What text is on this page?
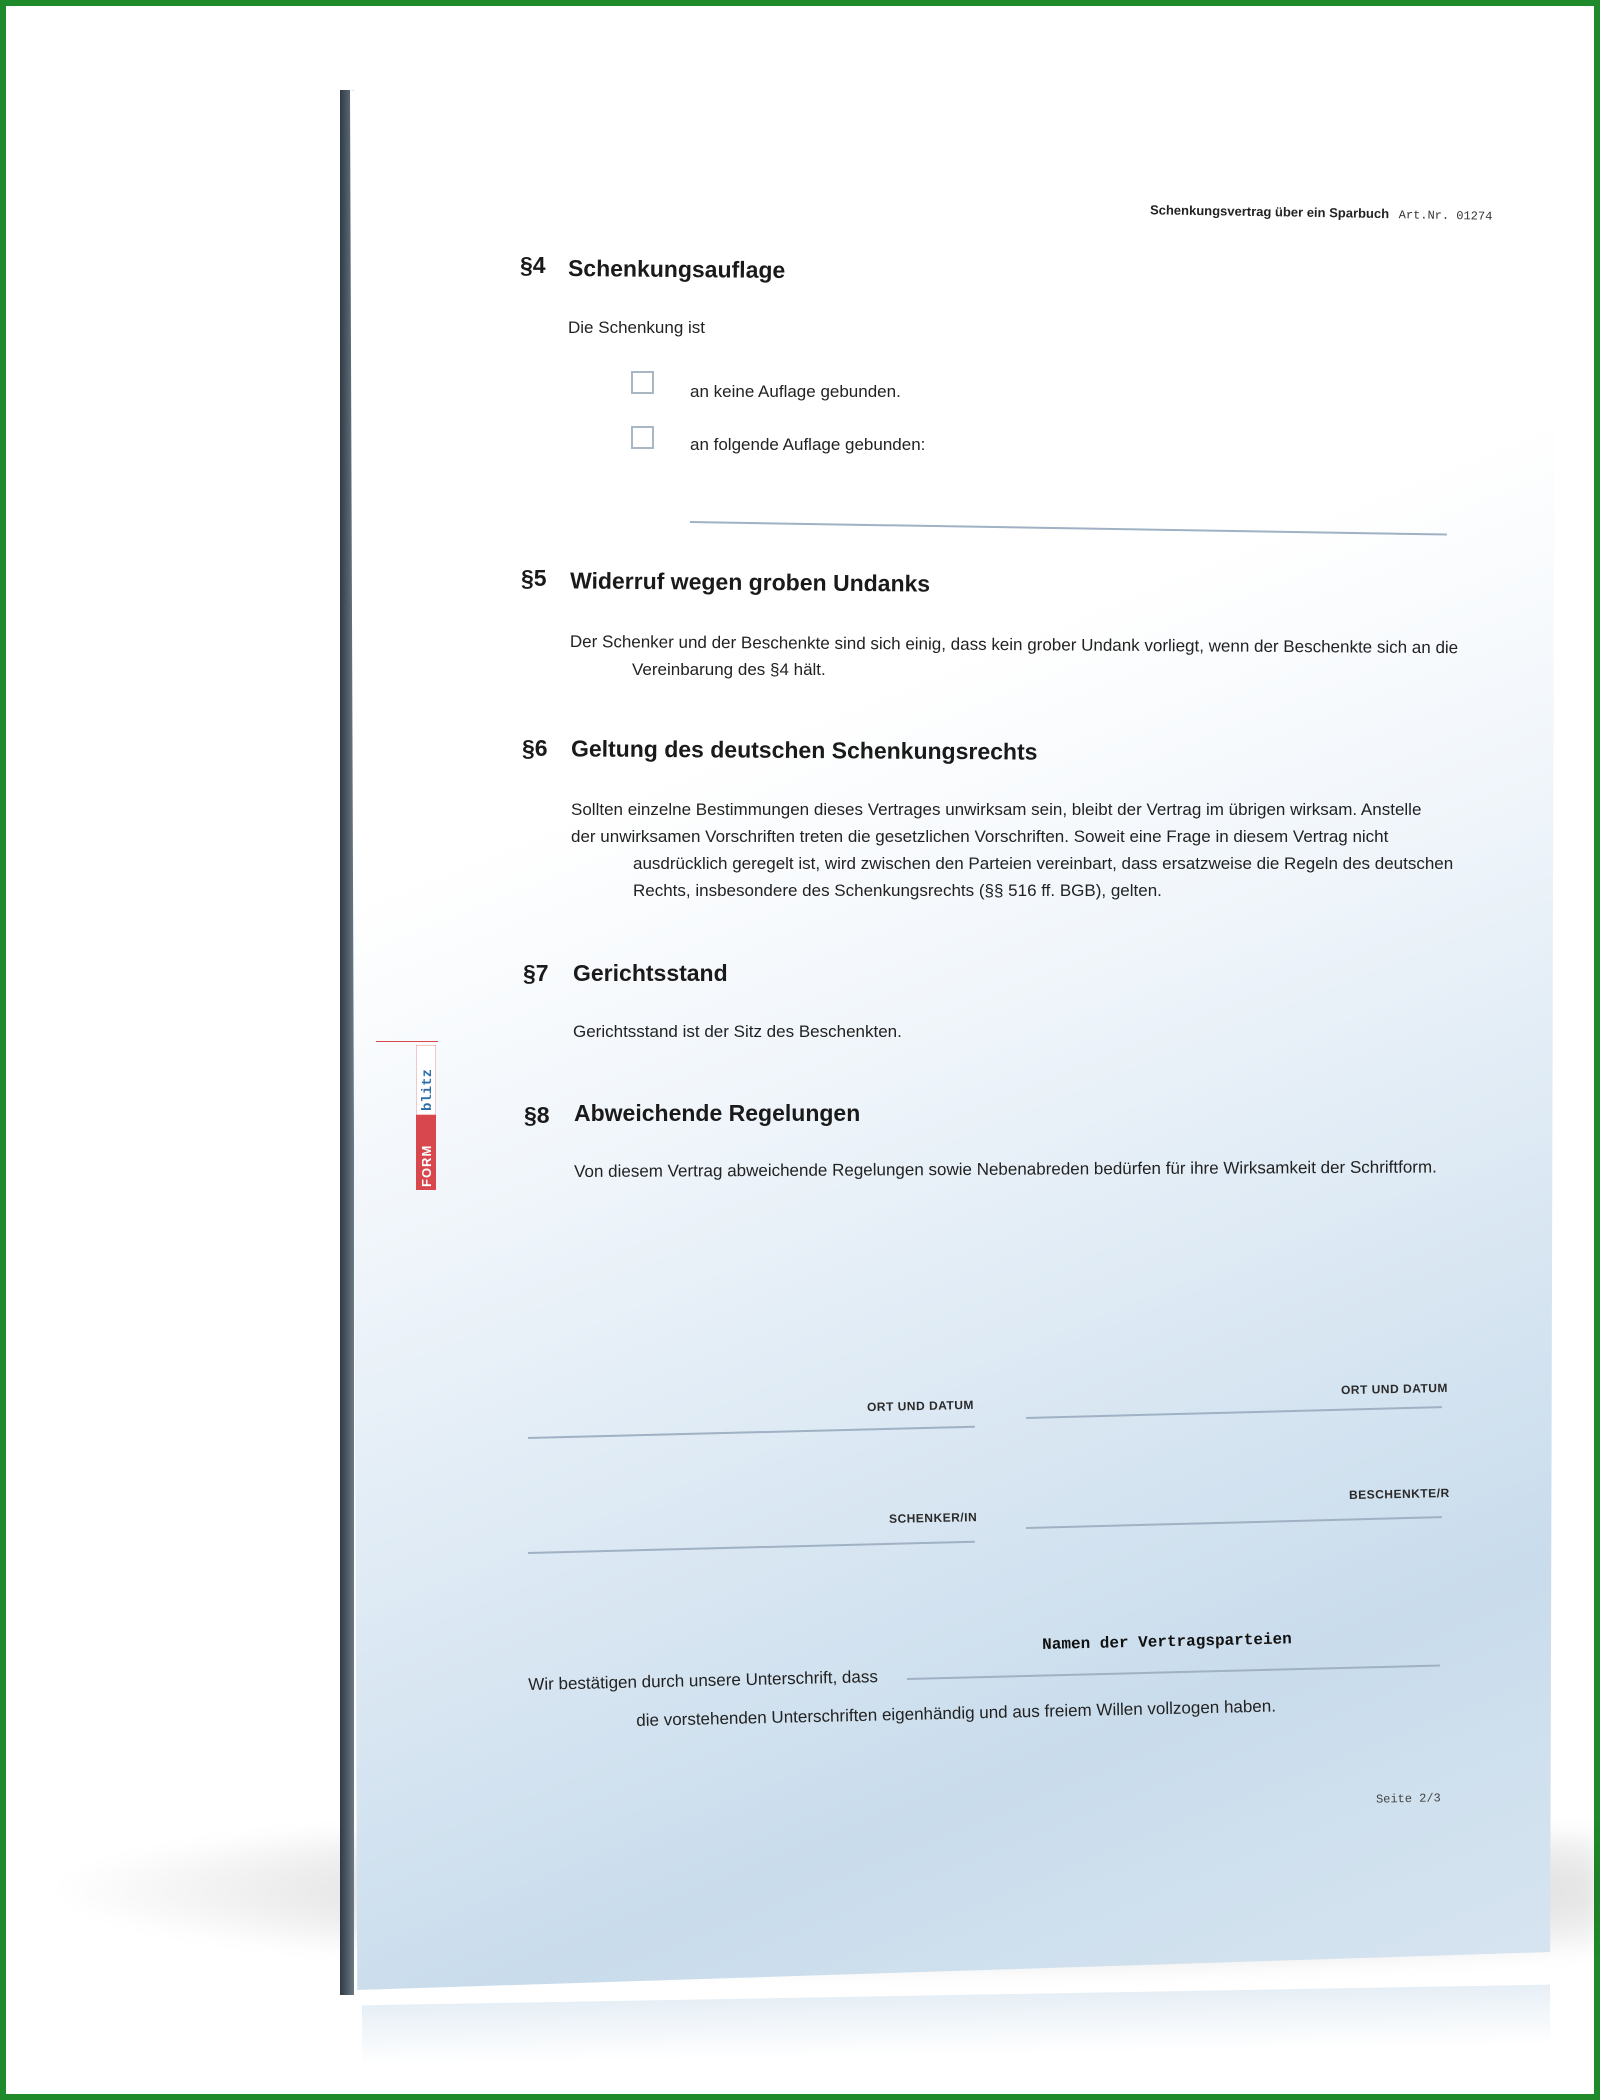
Schenkungsvertrag über ein Sparbuch Art.Nr. 01274
§4 Schenkungsauflage
Die Schenkung ist
an keine Auflage gebunden.
an folgende Auflage gebunden:
§5 Widerruf wegen groben Undanks
Der Schenker und der Beschenkte sind sich einig, dass kein grober Undank vorliegt, wenn der Beschenkte sich an die
Vereinbarung des §4 hält.
§6 Geltung des deutschen Schenkungsrechts
Sollten einzelne Bestimmungen dieses Vertrages unwirksam sein, bleibt der Vertrag im übrigen wirksam. Anstelle
der unwirksamen Vorschriften treten die gesetzlichen Vorschriften. Soweit eine Frage in diesem Vertrag nicht
ausdrücklich geregelt ist, wird zwischen den Parteien vereinbart, dass ersatzweise die Regeln des deutschen
Rechts, insbesondere des Schenkungsrechts (§§ 516 ff. BGB), gelten.
§7 Gerichtsstand
Gerichtsstand ist der Sitz des Beschenkten.
§8 Abweichende Regelungen
Von diesem Vertrag abweichende Regelungen sowie Nebenabreden bedürfen für ihre Wirksamkeit der Schriftform.
ORT UND DATUM
ORT UND DATUM
SCHENKER/IN
BESCHENKTE/R
Wir bestätigen durch unsere Unterschrift, dass
Namen der Vertragsparteien
die vorstehenden Unterschriften eigenhändig und aus freiem Willen vollzogen haben.
Seite 2/3
FORM
blitz
